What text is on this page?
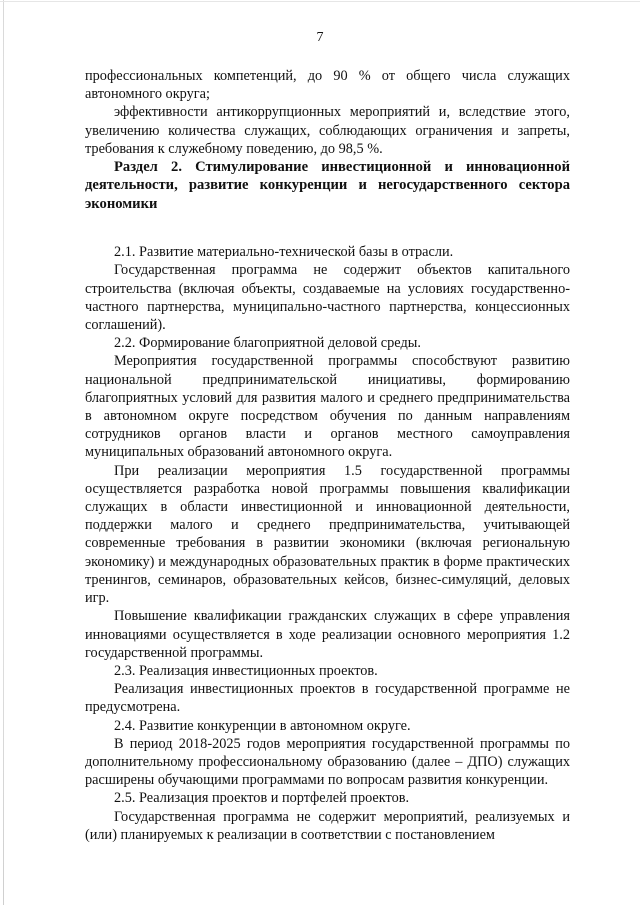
7

профессиональных компетенций, до 90 % от общего числа служащих автономного округа;

эффективности антикоррупционных мероприятий и, вследствие этого, увеличению количества служащих, соблюдающих ограничения и запреты, требования к служебному поведению, до 98,5 %.

Раздел 2. Стимулирование инвестиционной и инновационной деятельности, развитие конкуренции и негосударственного сектора экономики

2.1. Развитие материально-технической базы в отрасли.

Государственная программа не содержит объектов капитального строительства (включая объекты, создаваемые на условиях государственно-частного партнерства, муниципально-частного партнерства, концессионных соглашений).

2.2. Формирование благоприятной деловой среды.

Мероприятия государственной программы способствуют развитию национальной предпринимательской инициативы, формированию благоприятных условий для развития малого и среднего предпринимательства в автономном округе посредством обучения по данным направлениям сотрудников органов власти и органов местного самоуправления муниципальных образований автономного округа.

При реализации мероприятия 1.5 государственной программы осуществляется разработка новой программы повышения квалификации служащих в области инвестиционной и инновационной деятельности, поддержки малого и среднего предпринимательства, учитывающей современные требования в развитии экономики (включая региональную экономику) и международных образовательных практик в форме практических тренингов, семинаров, образовательных кейсов, бизнес-симуляций, деловых игр.

Повышение квалификации гражданских служащих в сфере управления инновациями осуществляется в ходе реализации основного мероприятия 1.2 государственной программы.

2.3. Реализация инвестиционных проектов.

Реализация инвестиционных проектов в государственной программе не предусмотрена.

2.4. Развитие конкуренции в автономном округе.

В период 2018-2025 годов мероприятия государственной программы по дополнительному профессиональному образованию (далее – ДПО) служащих расширены обучающими программами по вопросам развития конкуренции.

2.5. Реализация проектов и портфелей проектов.

Государственная программа не содержит мероприятий, реализуемых и (или) планируемых к реализации в соответствии с постановлением
